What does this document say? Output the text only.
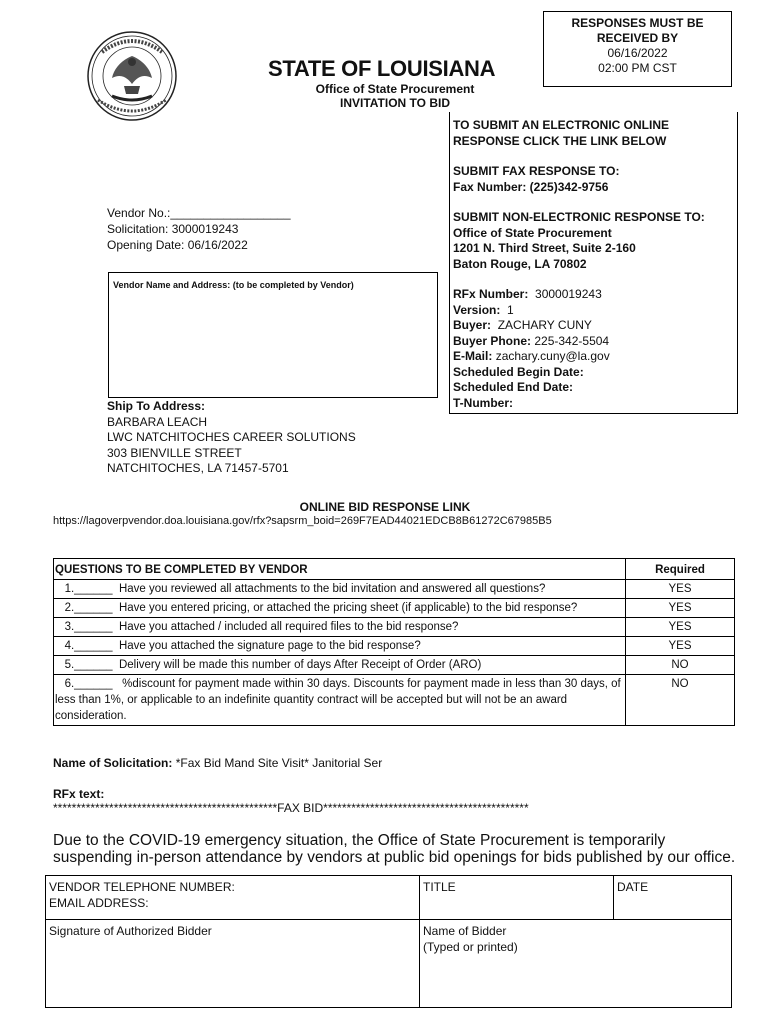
RESPONSES MUST BE
RECEIVED BY
06/16/2022
02:00 PM CST
STATE OF LOUISIANA
Office of State Procurement
INVITATION TO BID
TO SUBMIT AN ELECTRONIC ONLINE
RESPONSE CLICK THE LINK BELOW
SUBMIT FAX RESPONSE TO:
Fax Number: (225)342-9756
SUBMIT NON-ELECTRONIC RESPONSE TO:
Office of State Procurement
1201 N. Third Street, Suite 2-160
Baton Rouge, LA 70802
RFx Number: 3000019243
Version: 1
Buyer: ZACHARY CUNY
Buyer Phone: 225-342-5504
E-Mail: zachary.cuny@la.gov
Scheduled Begin Date:
Scheduled End Date:
T-Number:
Vendor No.:__________________
Solicitation: 3000019243
Opening Date: 06/16/2022
Vendor Name and Address: (to be completed by Vendor)
Ship To Address:
BARBARA LEACH
LWC NATCHITOCHES CAREER SOLUTIONS
303 BIENVILLE STREET
NATCHITOCHES, LA 71457-5701
ONLINE BID RESPONSE LINK
https://lagoverpvendor.doa.louisiana.gov/rfx?sapsrm_boid=269F7EAD44021EDCB8B61272C67985B5
QUESTIONS TO BE COMPLETED BY VENDOR	Required
1.______  Have you reviewed all attachments to the bid invitation and answered all questions?	YES
2.______  Have you entered pricing, or attached the pricing sheet (if applicable) to the bid response?	YES
3.______  Have you attached / included all required files to the bid response?	YES
4.______  Have you attached the signature page to the bid response?	YES
5.______  Delivery will be made this number of days After Receipt of Order (ARO)	NO
6.______   %discount for payment made within 30 days. Discounts for payment made in less than 30 days, of less than 1%, or applicable to an indefinite quantity contract will be accepted but will not be an award consideration.	NO
Name of Solicitation: *Fax Bid Mand Site Visit* Janitorial Ser
RFx text:
************************************************FAX BID********************************************
Due to the COVID-19 emergency situation, the Office of State Procurement is temporarily suspending in-person attendance by vendors at public bid openings for bids published by our office.
VENDOR TELEPHONE NUMBER:
EMAIL ADDRESS:	TITLE	DATE

Signature of Authorized Bidder	Name of Bidder
(Typed or printed)	
